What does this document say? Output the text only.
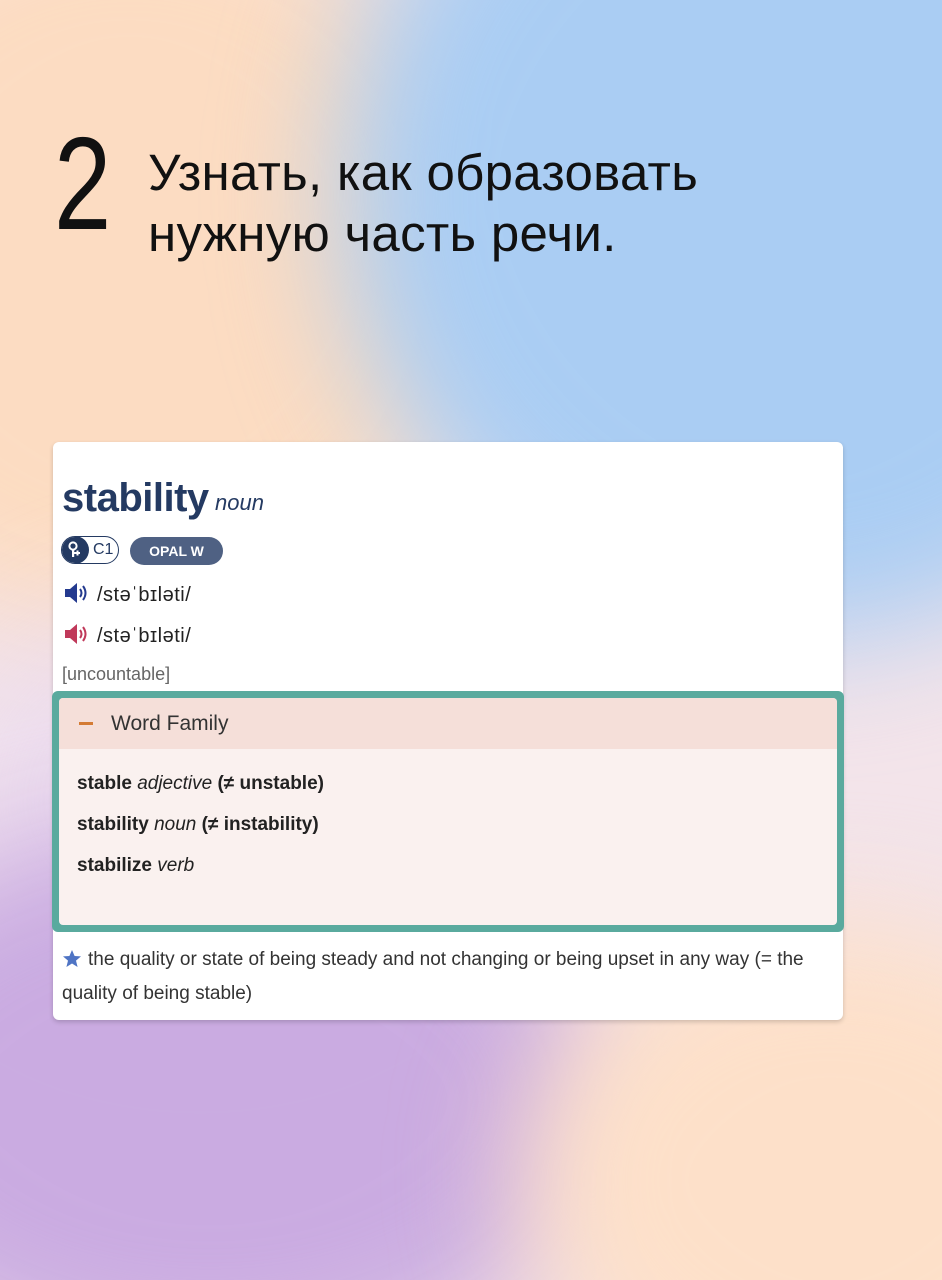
2 Узнать, как образовать нужную часть речи.
stability noun
C1	OPAL W
/stəˈbɪləti/
/stəˈbɪləti/
[uncountable]
Word Family
stable adjective (≠ unstable)
stability noun (≠ instability)
stabilize verb
the quality or state of being steady and not changing or being upset in any way (= the quality of being stable)
